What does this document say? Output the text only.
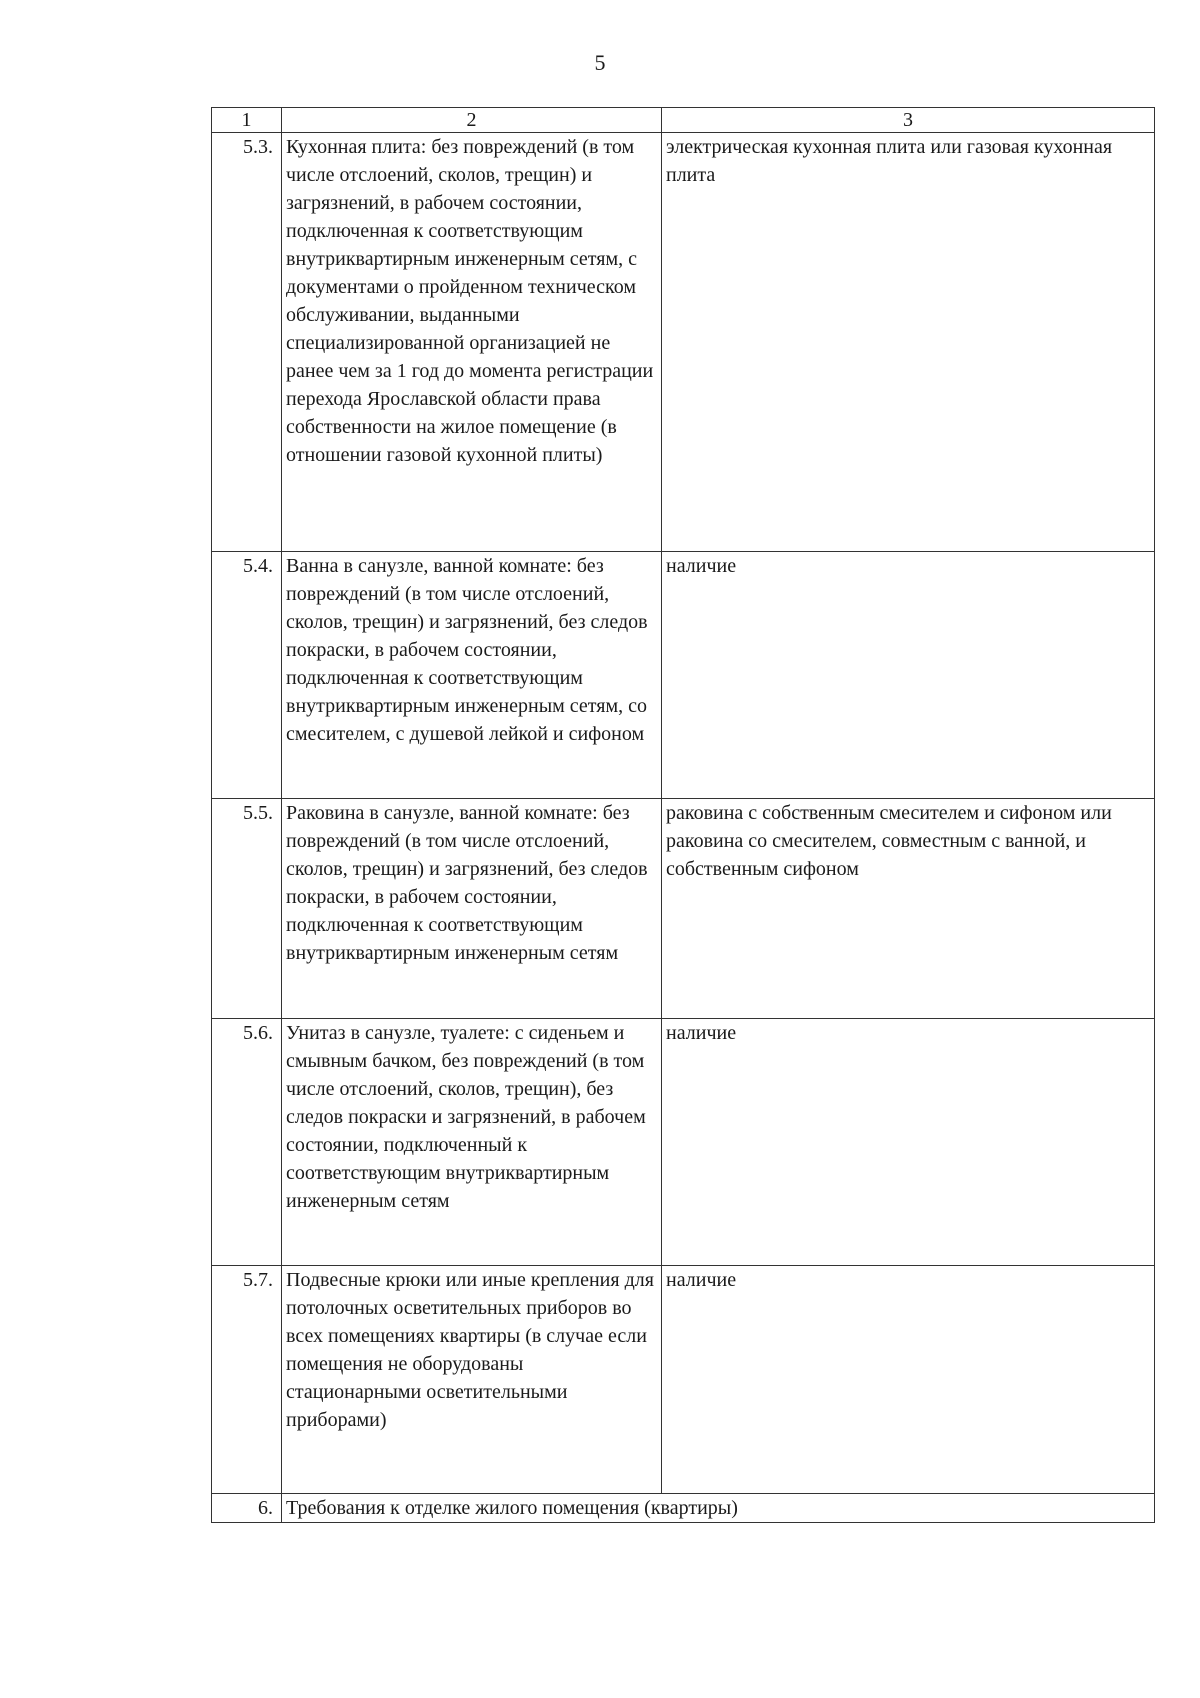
5
1	2	3
5.3.	Кухонная плита: без повреждений (в том числе отслоений, сколов, трещин) и загрязнений, в рабочем состоянии, подключенная к соответствующим внутриквартирным инженерным сетям, с документами о пройденном техническом обслуживании, выданными специализированной организацией не ранее чем за 1 год до момента регистрации перехода Ярославской области права собственности на жилое помещение (в отношении газовой кухонной плиты)	электрическая кухонная плита или газовая кухонная плита
5.4.	Ванна в санузле, ванной комнате: без повреждений (в том числе отслоений, сколов, трещин) и загрязнений, без следов покраски, в рабочем состоянии, подключенная к соответствующим внутриквартирным инженерным сетям, со смесителем, с душевой лейкой и сифоном	наличие
5.5.	Раковина в санузле, ванной комнате: без повреждений (в том числе отслоений, сколов, трещин) и загрязнений, без следов покраски, в рабочем состоянии, подключенная к соответствующим внутриквартирным инженерным сетям	раковина с собственным смесителем и сифоном или раковина со смесителем, совместным с ванной, и собственным сифоном
5.6.	Унитаз в санузле, туалете: с сиденьем и смывным бачком, без повреждений (в том числе отслоений, сколов, трещин), без следов покраски и загрязнений, в рабочем состоянии, подключенный к соответствующим внутриквартирным инженерным сетям	наличие
5.7.	Подвесные крюки или иные крепления для потолочных осветительных приборов во всех помещениях квартиры (в случае если помещения не оборудованы стационарными осветительными приборами)	наличие
6.	Требования к отделке жилого помещения (квартиры)	
